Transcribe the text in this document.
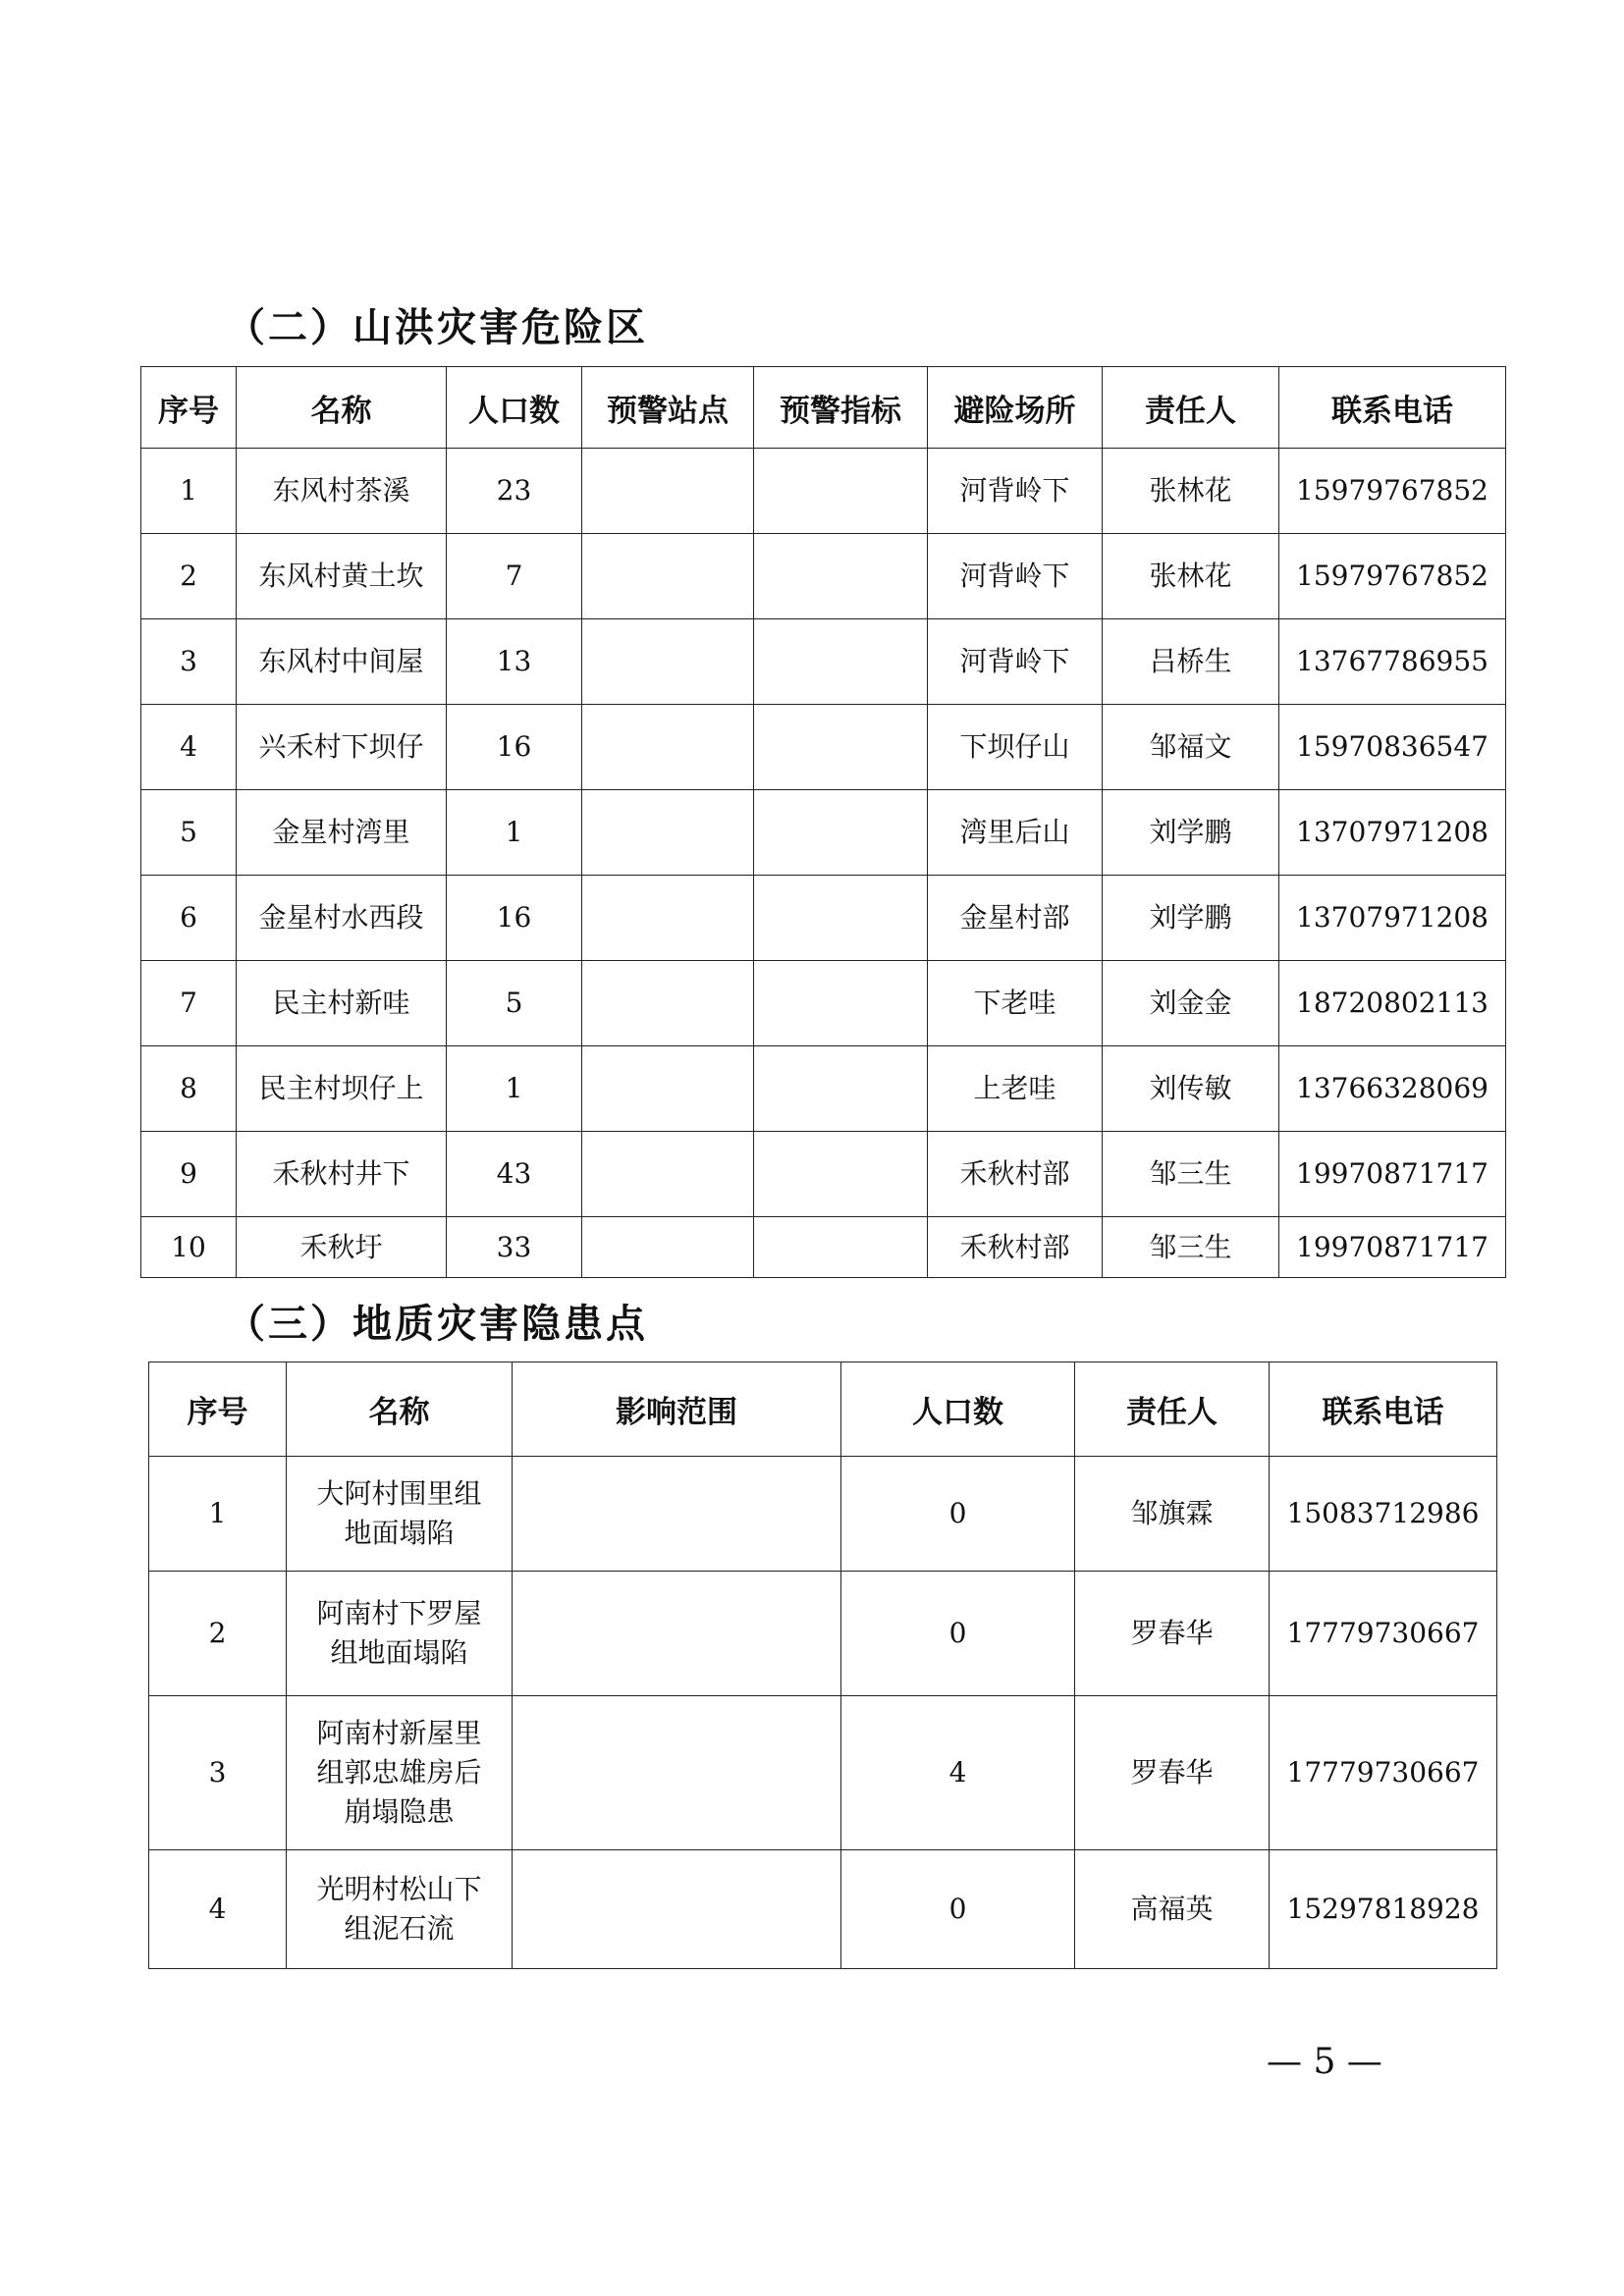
（二）山洪灾害危险区
序号	名称	人口数	预警站点	预警指标	避险场所	责任人	联系电话
1	东风村茶溪	23			河背岭下	张林花	15979767852
2	东风村黄土坎	7			河背岭下	张林花	15979767852
3	东风村中间屋	13			河背岭下	吕桥生	13767786955
4	兴禾村下坝仔	16			下坝仔山	邹福文	15970836547
5	金星村湾里	1			湾里后山	刘学鹏	13707971208
6	金星村水西段	16			金星村部	刘学鹏	13707971208
7	民主村新哇	5			下老哇	刘金金	18720802113
8	民主村坝仔上	1			上老哇	刘传敏	13766328069
9	禾秋村井下	43			禾秋村部	邹三生	19970871717
10	禾秋圩	33			禾秋村部	邹三生	19970871717
（三）地质灾害隐患点
序号	名称	影响范围	人口数	责任人	联系电话
1	大阿村围里组
地面塌陷		0	邹旗霖	15083712986
2	阿南村下罗屋
组地面塌陷		0	罗春华	17779730667
3	阿南村新屋里
组郭忠雄房后
崩塌隐患		4	罗春华	17779730667
4	光明村松山下
组泥石流		0	高福英	15297818928
— 5 —
